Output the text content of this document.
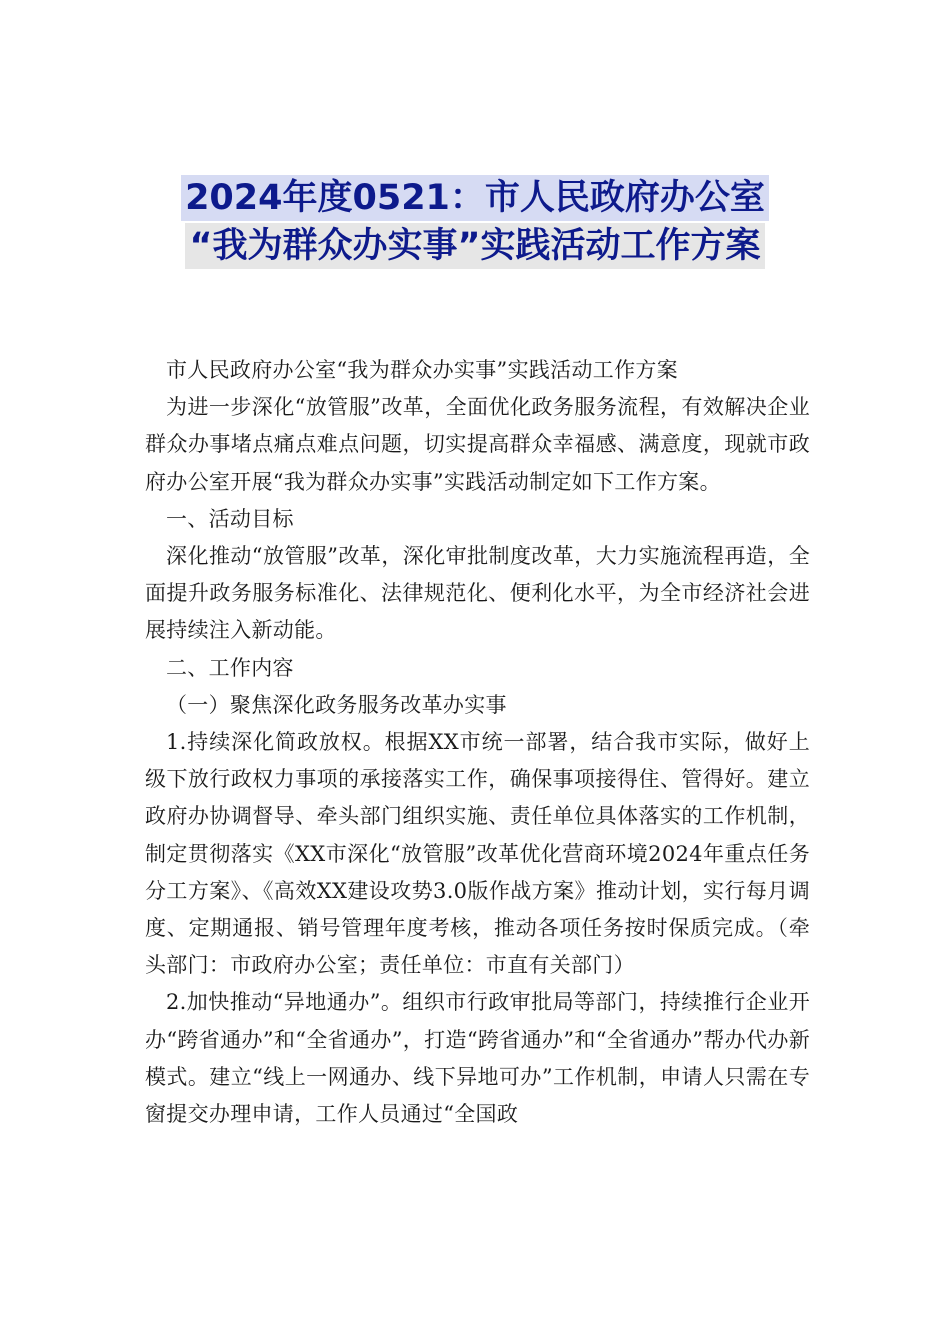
2024年度0521：市人民政府办公室
“我为群众办实事”实践活动工作方案

市人民政府办公室“我为群众办实事”实践活动工作方案

为进一步深化“放管服”改革，全面优化政务服务流程，有效解决企业群众办事堵点痛点难点问题，切实提高群众幸福感、满意度，现就市政府办公室开展“我为群众办实事”实践活动制定如下工作方案。

一、活动目标

深化推动“放管服”改革，深化审批制度改革，大力实施流程再造，全面提升政务服务标准化、法律规范化、便利化水平，为全市经济社会进展持续注入新动能。

二、工作内容

（一）聚焦深化政务服务改革办实事

1.持续深化简政放权。根据XX市统一部署，结合我市实际，做好上级下放行政权力事项的承接落实工作，确保事项接得住、管得好。建立政府办协调督导、牵头部门组织实施、责任单位具体落实的工作机制，制定贯彻落实《XX市深化“放管服”改革优化营商环境2024年重点任务分工方案》、《高效XX建设攻势3.0版作战方案》推动计划，实行每月调度、定期通报、销号管理年度考核，推动各项任务按时保质完成。（牵头部门：市政府办公室；责任单位：市直有关部门）

2.加快推动“异地通办”。组织市行政审批局等部门，持续推行企业开办“跨省通办”和“全省通办”，打造“跨省通办”和“全省通办”帮办代办新模式。建立“线上一网通办、线下异地可办”工作机制，申请人只需在专窗提交办理申请，工作人员通过“全国政
